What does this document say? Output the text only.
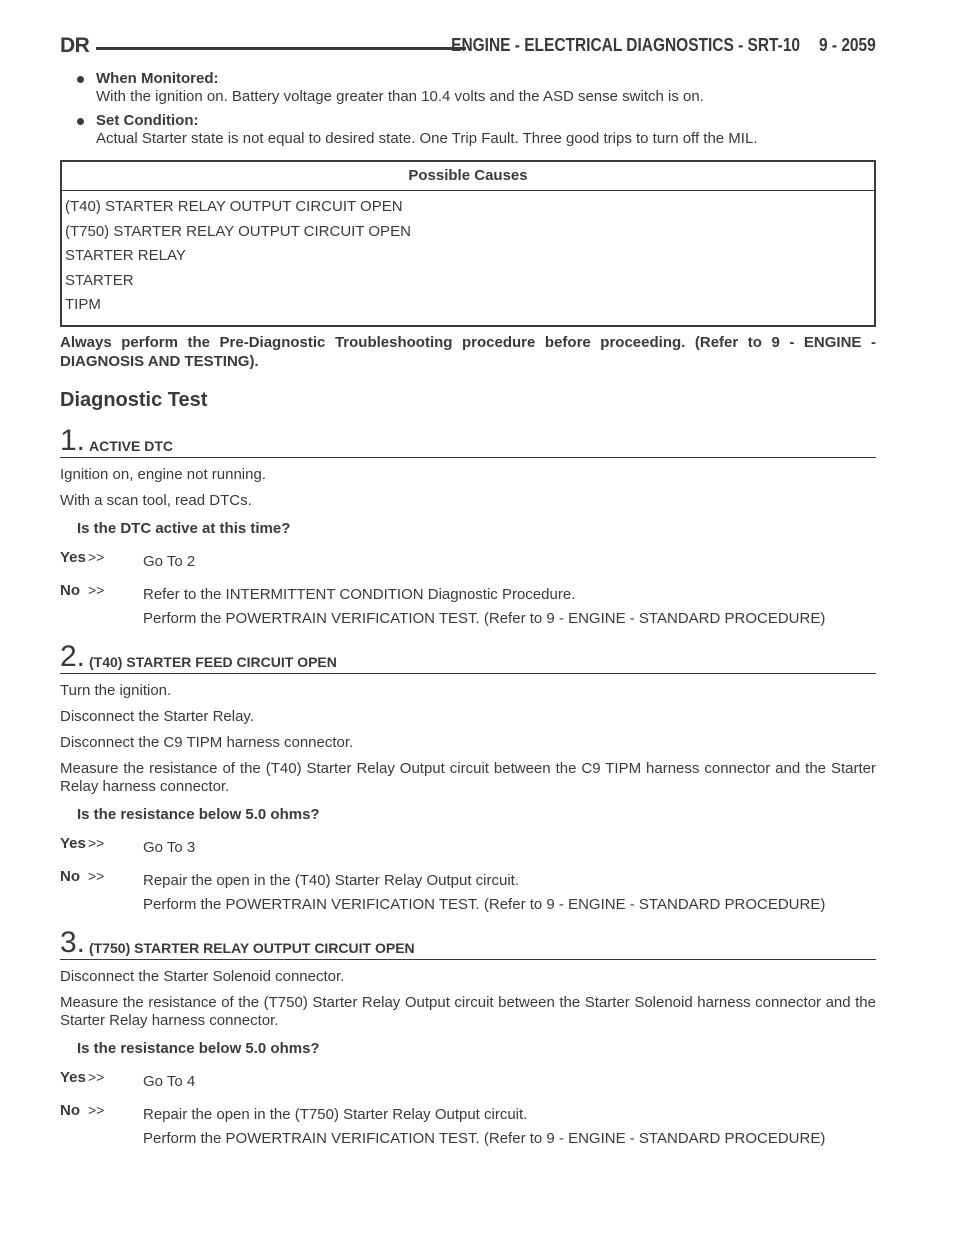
DR	ENGINE - ELECTRICAL DIAGNOSTICS - SRT-10 9 - 2059
When Monitored:
With the ignition on. Battery voltage greater than 10.4 volts and the ASD sense switch is on.
Set Condition:
Actual Starter state is not equal to desired state. One Trip Fault. Three good trips to turn off the MIL.
Possible Causes
(T40) STARTER RELAY OUTPUT CIRCUIT OPEN
(T750) STARTER RELAY OUTPUT CIRCUIT OPEN
STARTER RELAY
STARTER
TIPM
Always perform the Pre-Diagnostic Troubleshooting procedure before proceeding. (Refer to 9 - ENGINE - DIAGNOSIS AND TESTING).
Diagnostic Test
1. ACTIVE DTC
Ignition on, engine not running.
With a scan tool, read DTCs.
Is the DTC active at this time?
Yes >>	Go To 2
No >>	Refer to the INTERMITTENT CONDITION Diagnostic Procedure.
Perform the POWERTRAIN VERIFICATION TEST. (Refer to 9 - ENGINE - STANDARD PROCEDURE)
2. (T40) STARTER FEED CIRCUIT OPEN
Turn the ignition.
Disconnect the Starter Relay.
Disconnect the C9 TIPM harness connector.
Measure the resistance of the (T40) Starter Relay Output circuit between the C9 TIPM harness connector and the Starter Relay harness connector.
Is the resistance below 5.0 ohms?
Yes >>	Go To 3
No >>	Repair the open in the (T40) Starter Relay Output circuit.
Perform the POWERTRAIN VERIFICATION TEST. (Refer to 9 - ENGINE - STANDARD PROCEDURE)
3. (T750) STARTER RELAY OUTPUT CIRCUIT OPEN
Disconnect the Starter Solenoid connector.
Measure the resistance of the (T750) Starter Relay Output circuit between the Starter Solenoid harness connector and the Starter Relay harness connector.
Is the resistance below 5.0 ohms?
Yes >>	Go To 4
No >>	Repair the open in the (T750) Starter Relay Output circuit.
Perform the POWERTRAIN VERIFICATION TEST. (Refer to 9 - ENGINE - STANDARD PROCEDURE)
